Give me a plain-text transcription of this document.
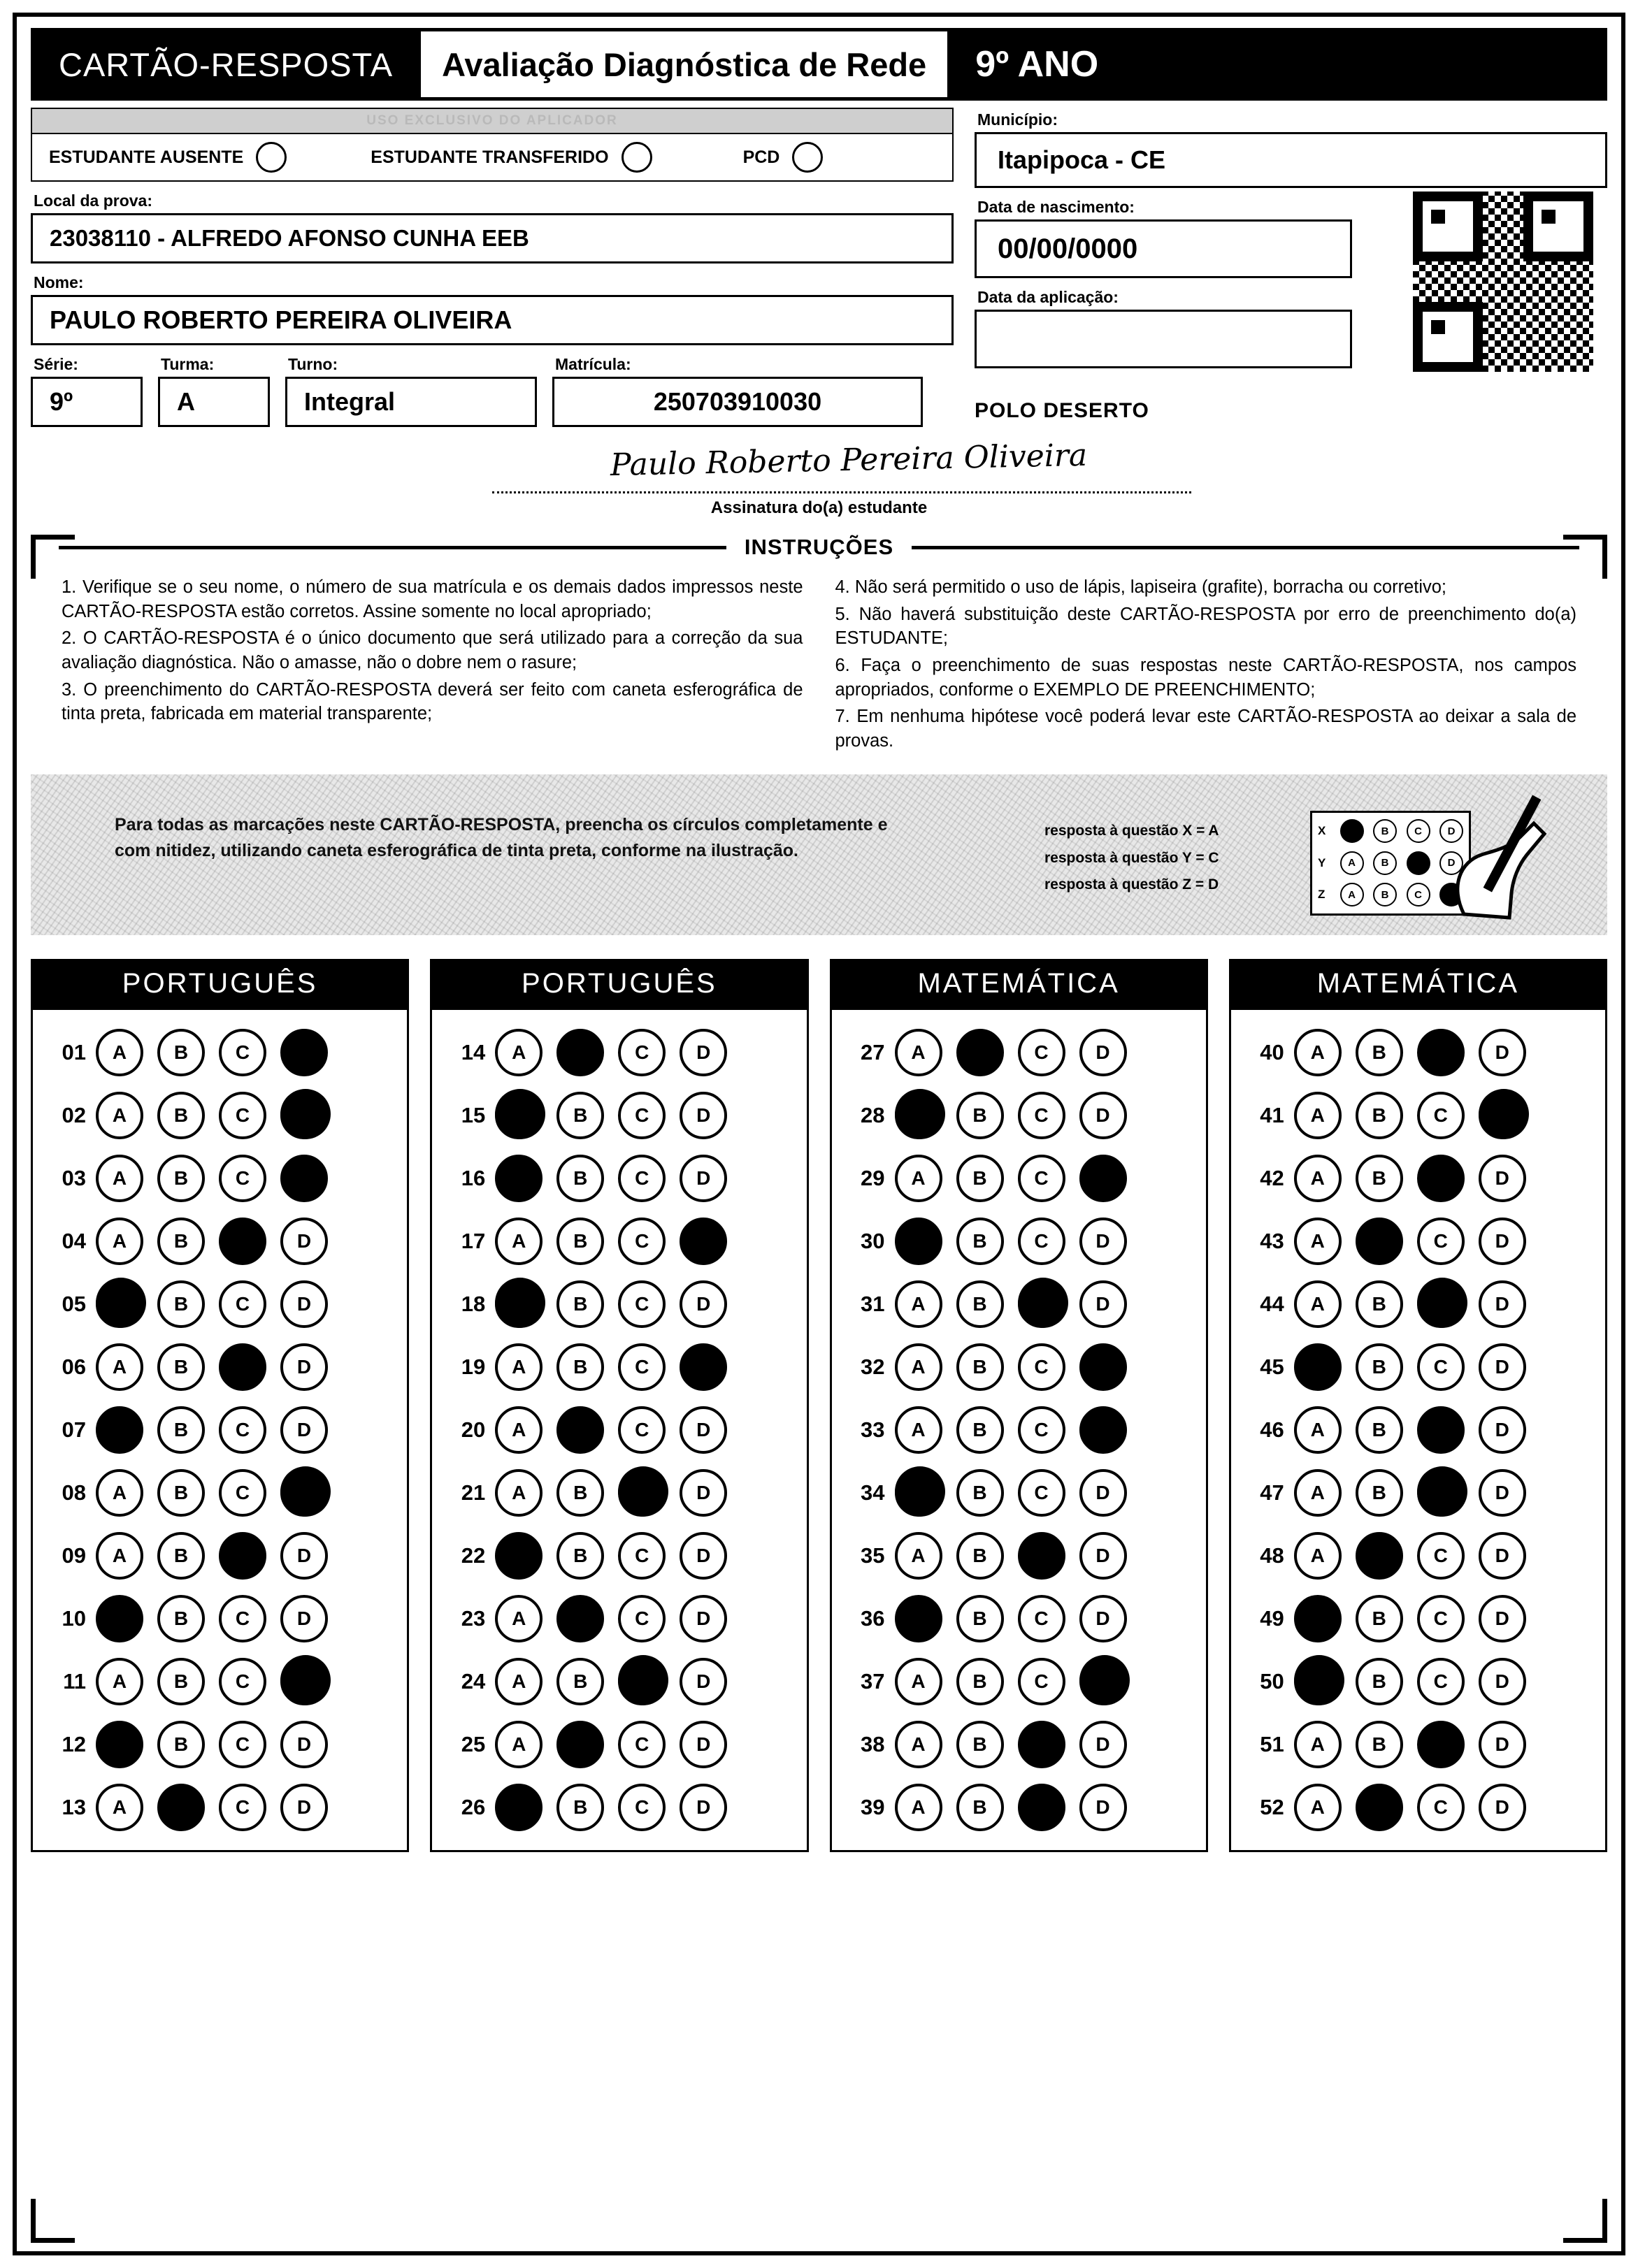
CARTÃO-RESPOSTA	Avaliação Diagnóstica de Rede	9º ANO
USO EXCLUSIVO DO APLICADOR
ESTUDANTE AUSENTE	ESTUDANTE TRANSFERIDO	PCD
Local da prova:
23038110 - ALFREDO AFONSO CUNHA EEB
Nome:
PAULO ROBERTO PEREIRA OLIVEIRA
Série:
9º
Turma:
A
Turno:
Integral
Matrícula:
250703910030
Município:
Itapipoca - CE
Data de nascimento:
00/00/0000
Data da aplicação:
POLO DESERTO
Paulo Roberto Pereira Oliveira
Assinatura do(a) estudante
INSTRUÇÕES

1. Verifique se o seu nome, o número de sua matrícula e os demais dados impressos neste CARTÃO-RESPOSTA estão corretos. Assine somente no local apropriado;

2. O CARTÃO-RESPOSTA é o único documento que será utilizado para a correção da sua avaliação diagnóstica. Não o amasse, não o dobre nem o rasure;

3. O preenchimento do CARTÃO-RESPOSTA deverá ser feito com caneta esferográfica de tinta preta, fabricada em material transparente;

4. Não será permitido o uso de lápis, lapiseira (grafite), borracha ou corretivo;

5. Não haverá substituição deste CARTÃO-RESPOSTA por erro de preenchimento do(a) ESTUDANTE;

6. Faça o preenchimento de suas respostas neste CARTÃO-RESPOSTA, nos campos apropriados, conforme o EXEMPLO DE PREENCHIMENTO;

7. Em nenhuma hipótese você poderá levar este CARTÃO-RESPOSTA ao deixar a sala de provas.

Para todas as marcações neste CARTÃO-RESPOSTA, preencha os círculos completamente e com nitidez, utilizando caneta esferográfica de tinta preta, conforme na ilustração.
resposta à questão X = A
resposta à questão Y = C
resposta à questão Z = D
X	A	B	C	D
Y	A	B	C	D
Z	A	B	C	D
PORTUGUÊS
01	A	B	C	D
02	A	B	C	D
03	A	B	C	D
04	A	B	C	D
05	A	B	C	D
06	A	B	C	D
07	A	B	C	D
08	A	B	C	D
09	A	B	C	D
10	A	B	C	D
11	A	B	C	D
12	A	B	C	D
13	A	B	C	D
PORTUGUÊS
14	A	B	C	D
15	A	B	C	D
16	A	B	C	D
17	A	B	C	D
18	A	B	C	D
19	A	B	C	D
20	A	B	C	D
21	A	B	C	D
22	A	B	C	D
23	A	B	C	D
24	A	B	C	D
25	A	B	C	D
26	A	B	C	D
MATEMÁTICA
27	A	B	C	D
28	A	B	C	D
29	A	B	C	D
30	A	B	C	D
31	A	B	C	D
32	A	B	C	D
33	A	B	C	D
34	A	B	C	D
35	A	B	C	D
36	A	B	C	D
37	A	B	C	D
38	A	B	C	D
39	A	B	C	D
MATEMÁTICA
40	A	B	C	D
41	A	B	C	D
42	A	B	C	D
43	A	B	C	D
44	A	B	C	D
45	A	B	C	D
46	A	B	C	D
47	A	B	C	D
48	A	B	C	D
49	A	B	C	D
50	A	B	C	D
51	A	B	C	D
52	A	B	C	D
